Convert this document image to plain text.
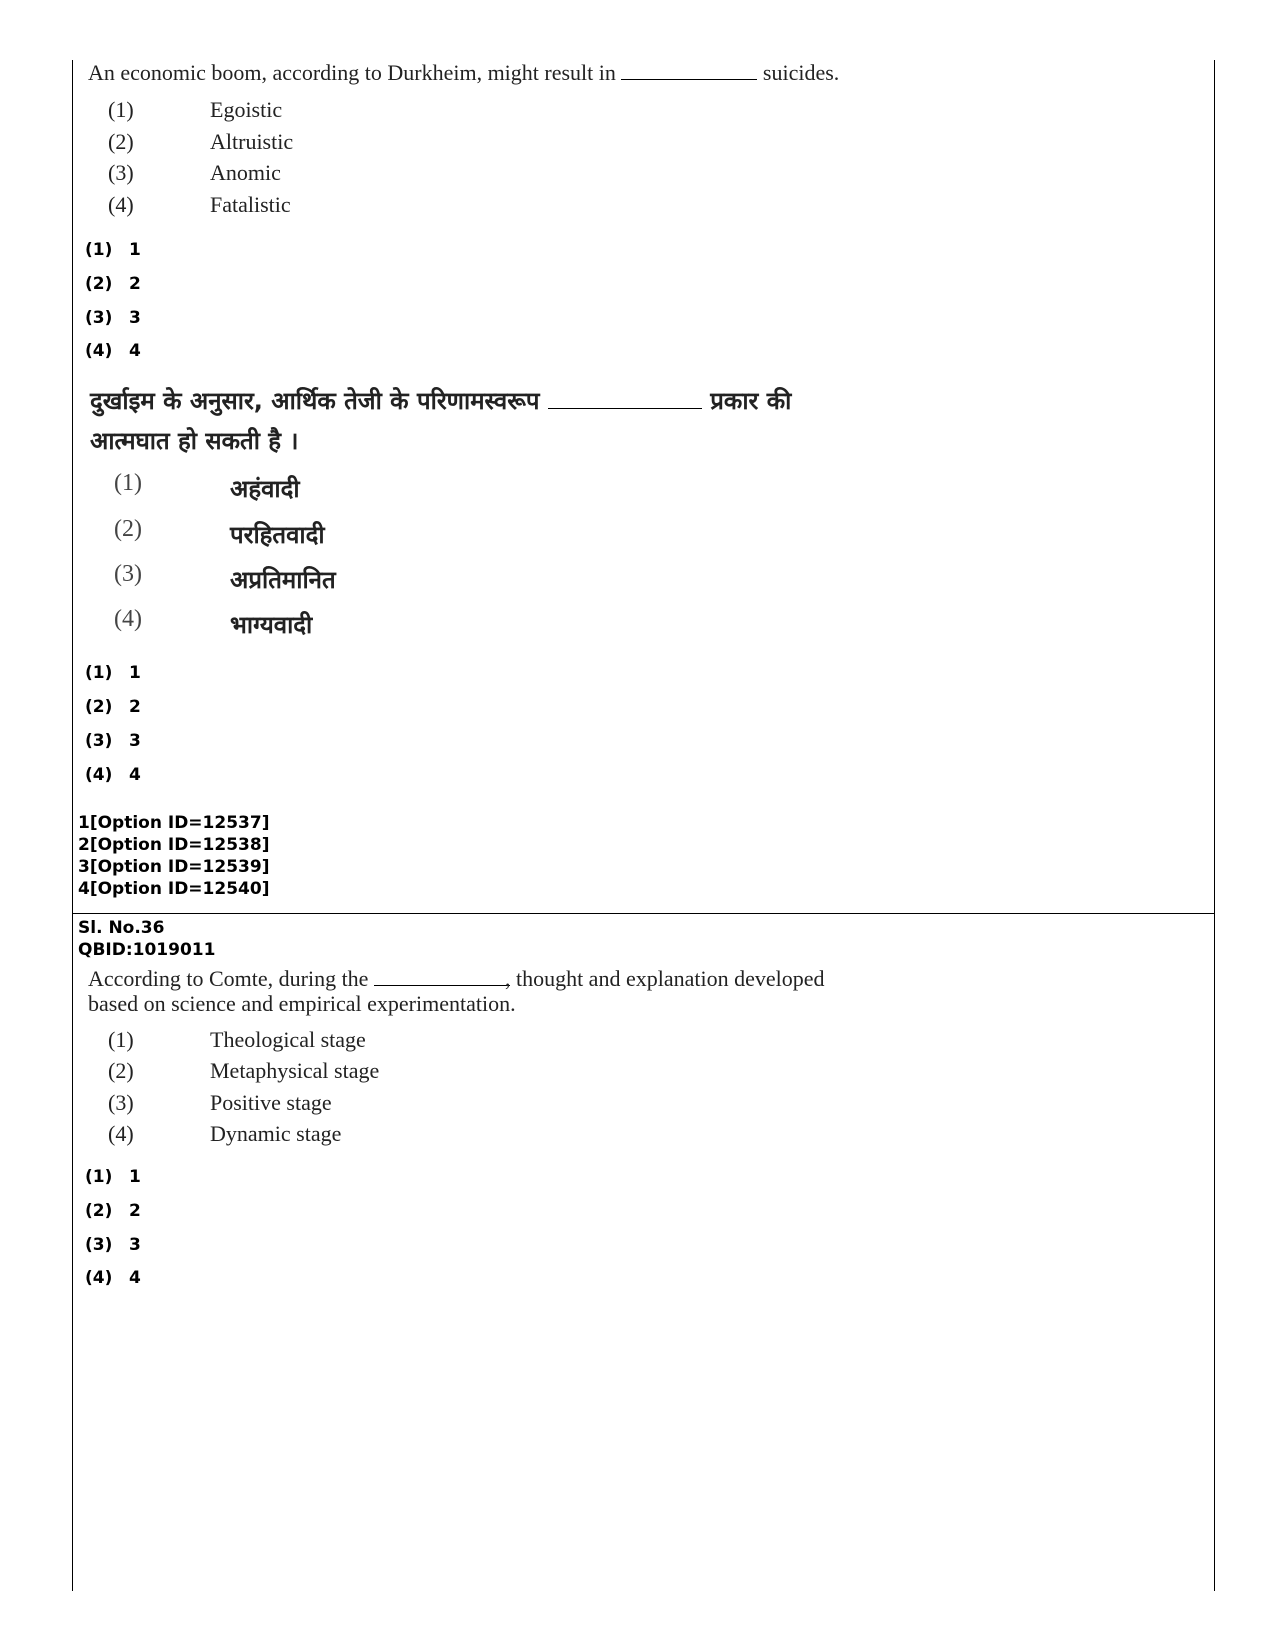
An economic boom, according to Durkheim, might result in	suicides.
(1)	Egoistic
(2)	Altruistic
(3)	Anomic
(4)	Fatalistic
(1) 1
(2) 2
(3) 3
(4) 4
दुर्खाइम के अनुसार, आर्थिक तेजी के परिणामस्वरूप	प्रकार की
आत्मघात हो सकती है ।
(1)	अहंवादी
(2)	परहितवादी
(3)	अप्रतिमानित
(4)	भाग्यवादी
(1) 1
(2) 2
(3) 3
(4) 4
1[Option ID=12537]
2[Option ID=12538]
3[Option ID=12539]
4[Option ID=12540]
Sl. No.36
QBID:1019011
According to Comte, during the	, thought and explanation developed
based on science and empirical experimentation.
(1)	Theological stage
(2)	Metaphysical stage
(3)	Positive stage
(4)	Dynamic stage
(1) 1
(2) 2
(3) 3
(4) 4
